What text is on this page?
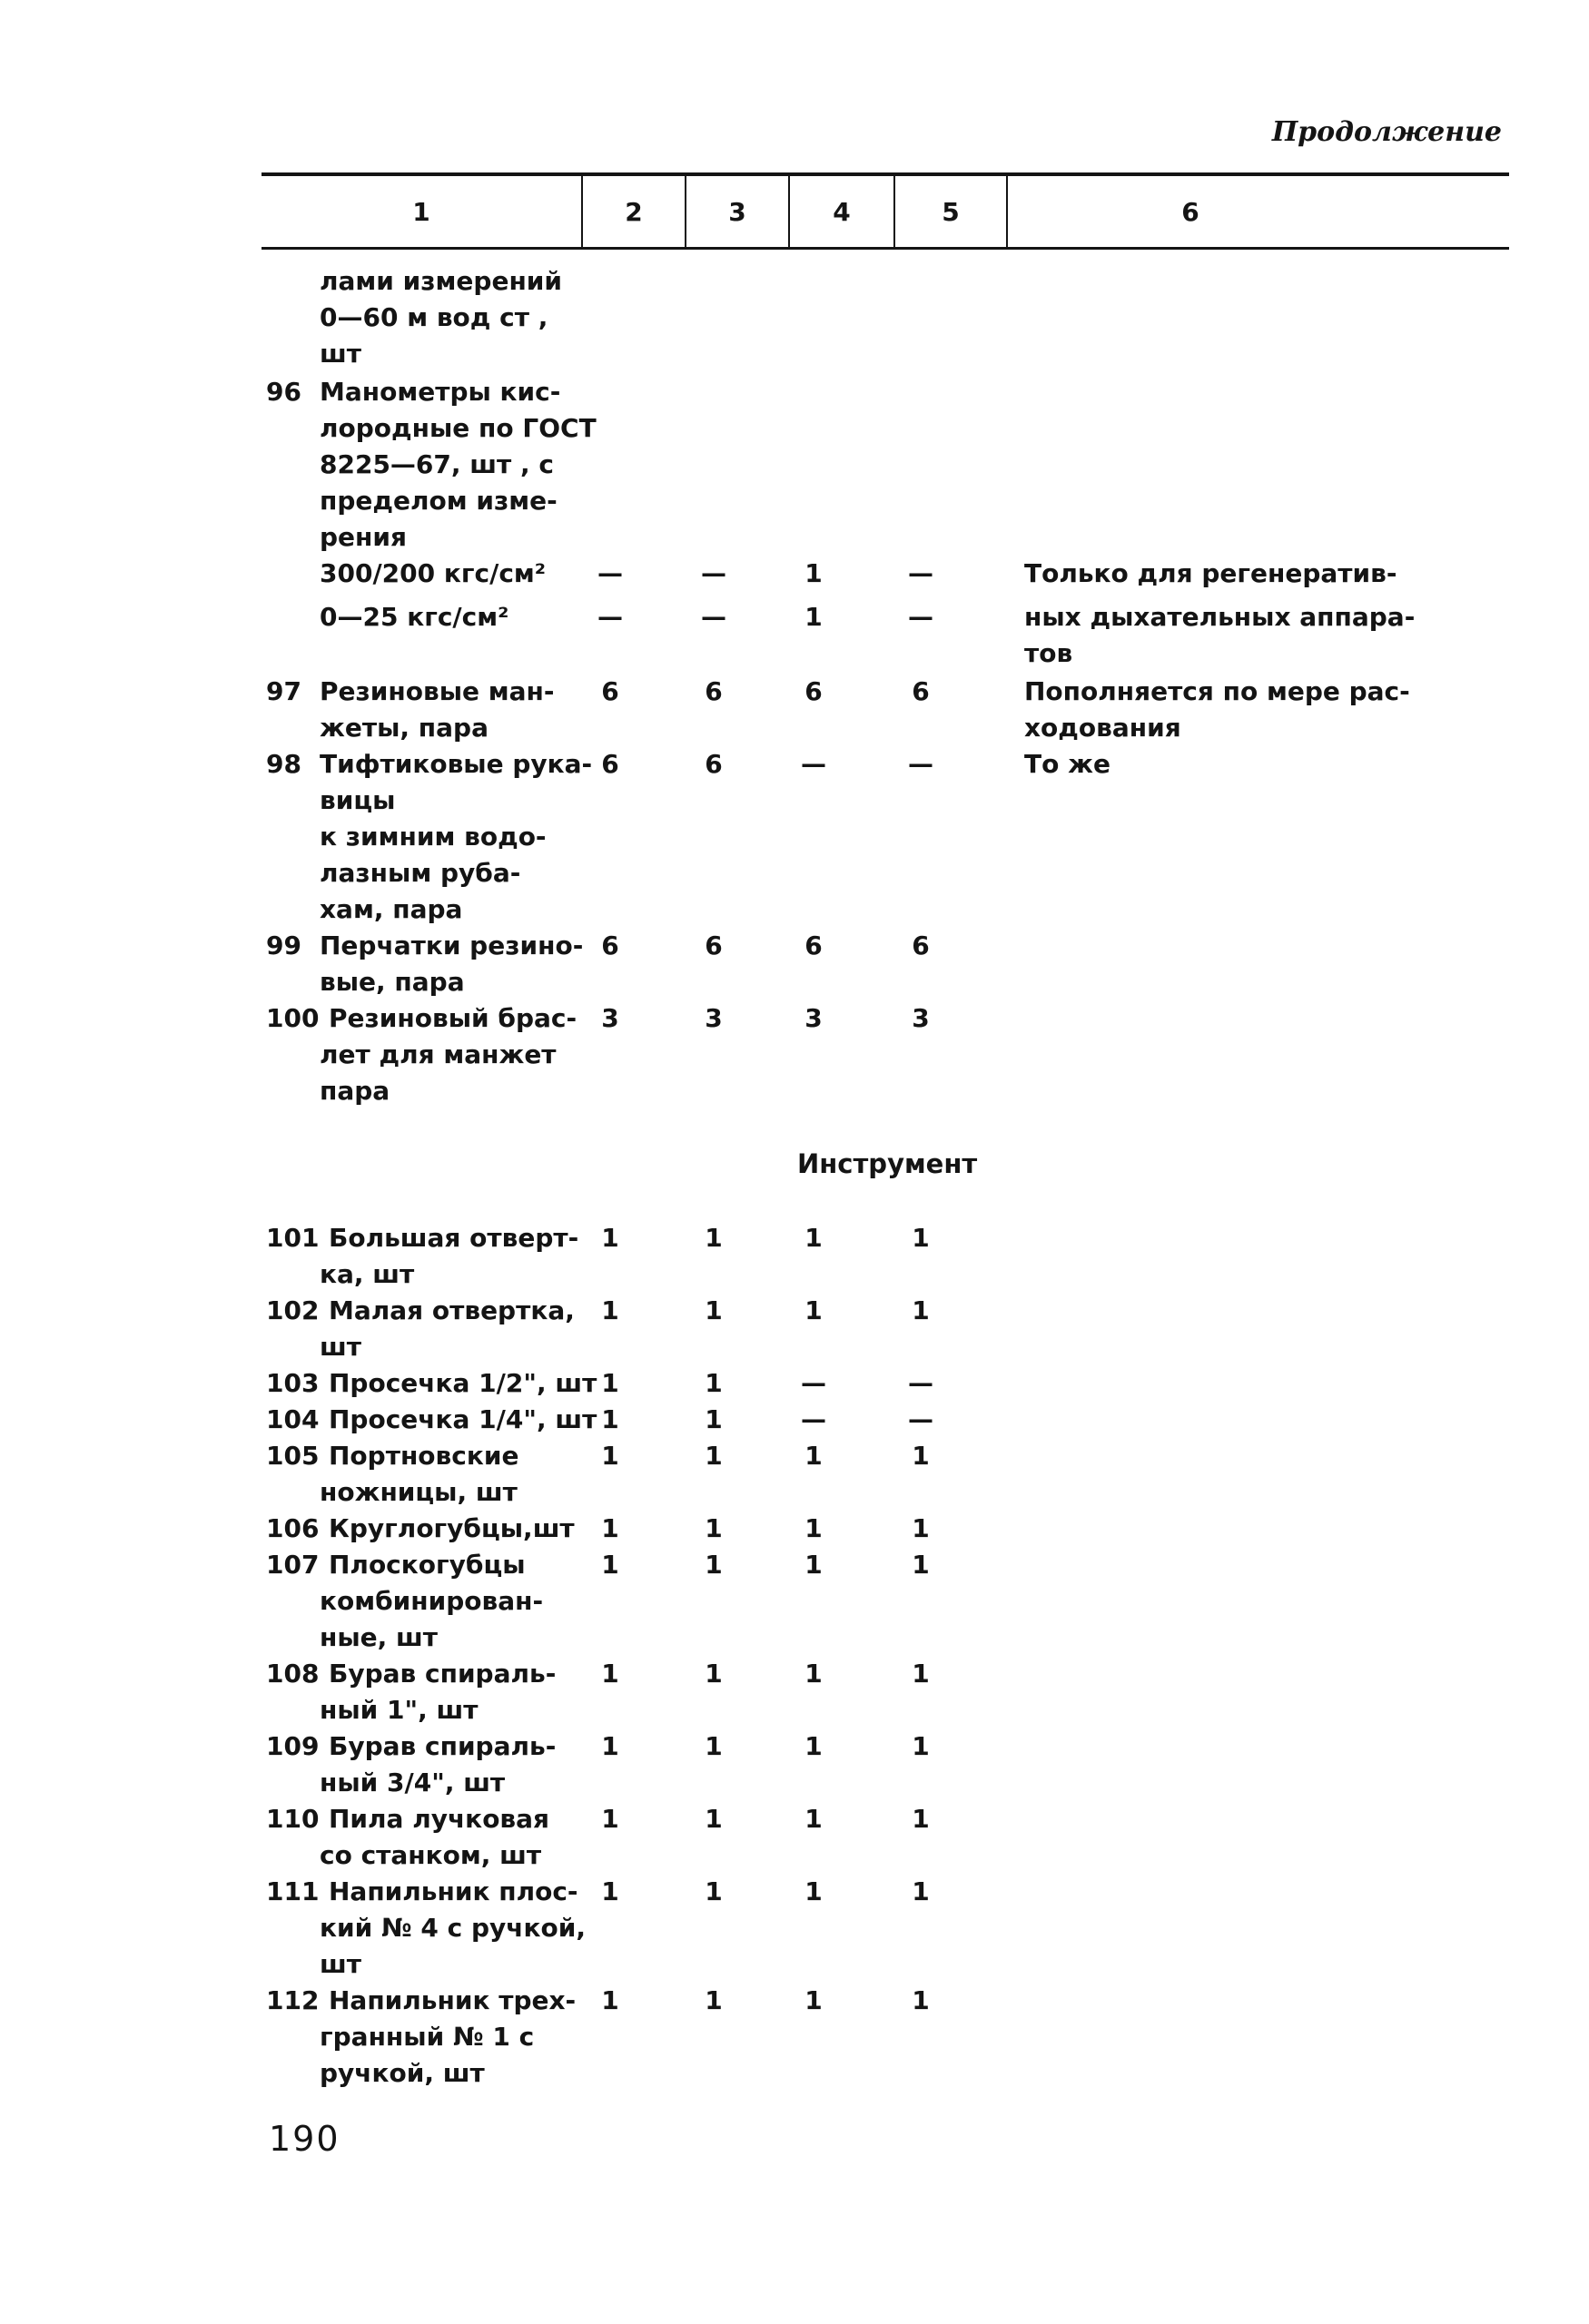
Продолжение
1	2	3	4	5	6
лами измерений
0—60 м вод ст ,
шт
96 Манометры кис-
лородные по ГОСТ
8225—67, шт , с
пределом изме-
рения
300/200 кгс/см²	—	—	1	—	Только для регенератив-
0—25 кгс/см²	—	—	1	—	ных дыхательных аппара-
тов
97 Резиновые ман-
жеты, пара
6	6	6	6	Пополняется по мере рас-
ходования
98 Тифтиковые рука-
вицы
к зимним водо-
лазным руба-
хам, пара
6	6	—	—	То же
99 Перчатки резино-
вые, пара
6	6	6	6
100 Резиновый брас-
лет для манжет
пара
3	3	3	3
101 Большая отверт-
ка, шт
1	1	1	1
102 Малая отвертка,
шт
1	1	1	1
103 Просечка 1/2", шт 1	1	—	—
104 Просечка 1/4", шт 1	1	—	—
105 Портновские
ножницы, шт
1	1	1	1
106 Круглогубцы,шт	1	1	1	1
107 Плоскогубцы
комбинирован-
ные, шт
1	1	1	1
108 Бурав спираль-
ный 1", шт
1	1	1	1
109 Бурав спираль-
ный 3/4", шт
1	1	1	1
110 Пила лучковая
со станком, шт
1	1	1	1
111 Напильник плос-
кий № 4 с ручкой,
шт
1	1	1	1
112 Напильник трех-
гранный № 1 с
ручкой, шт
1	1	1	1
Инструмент
190
